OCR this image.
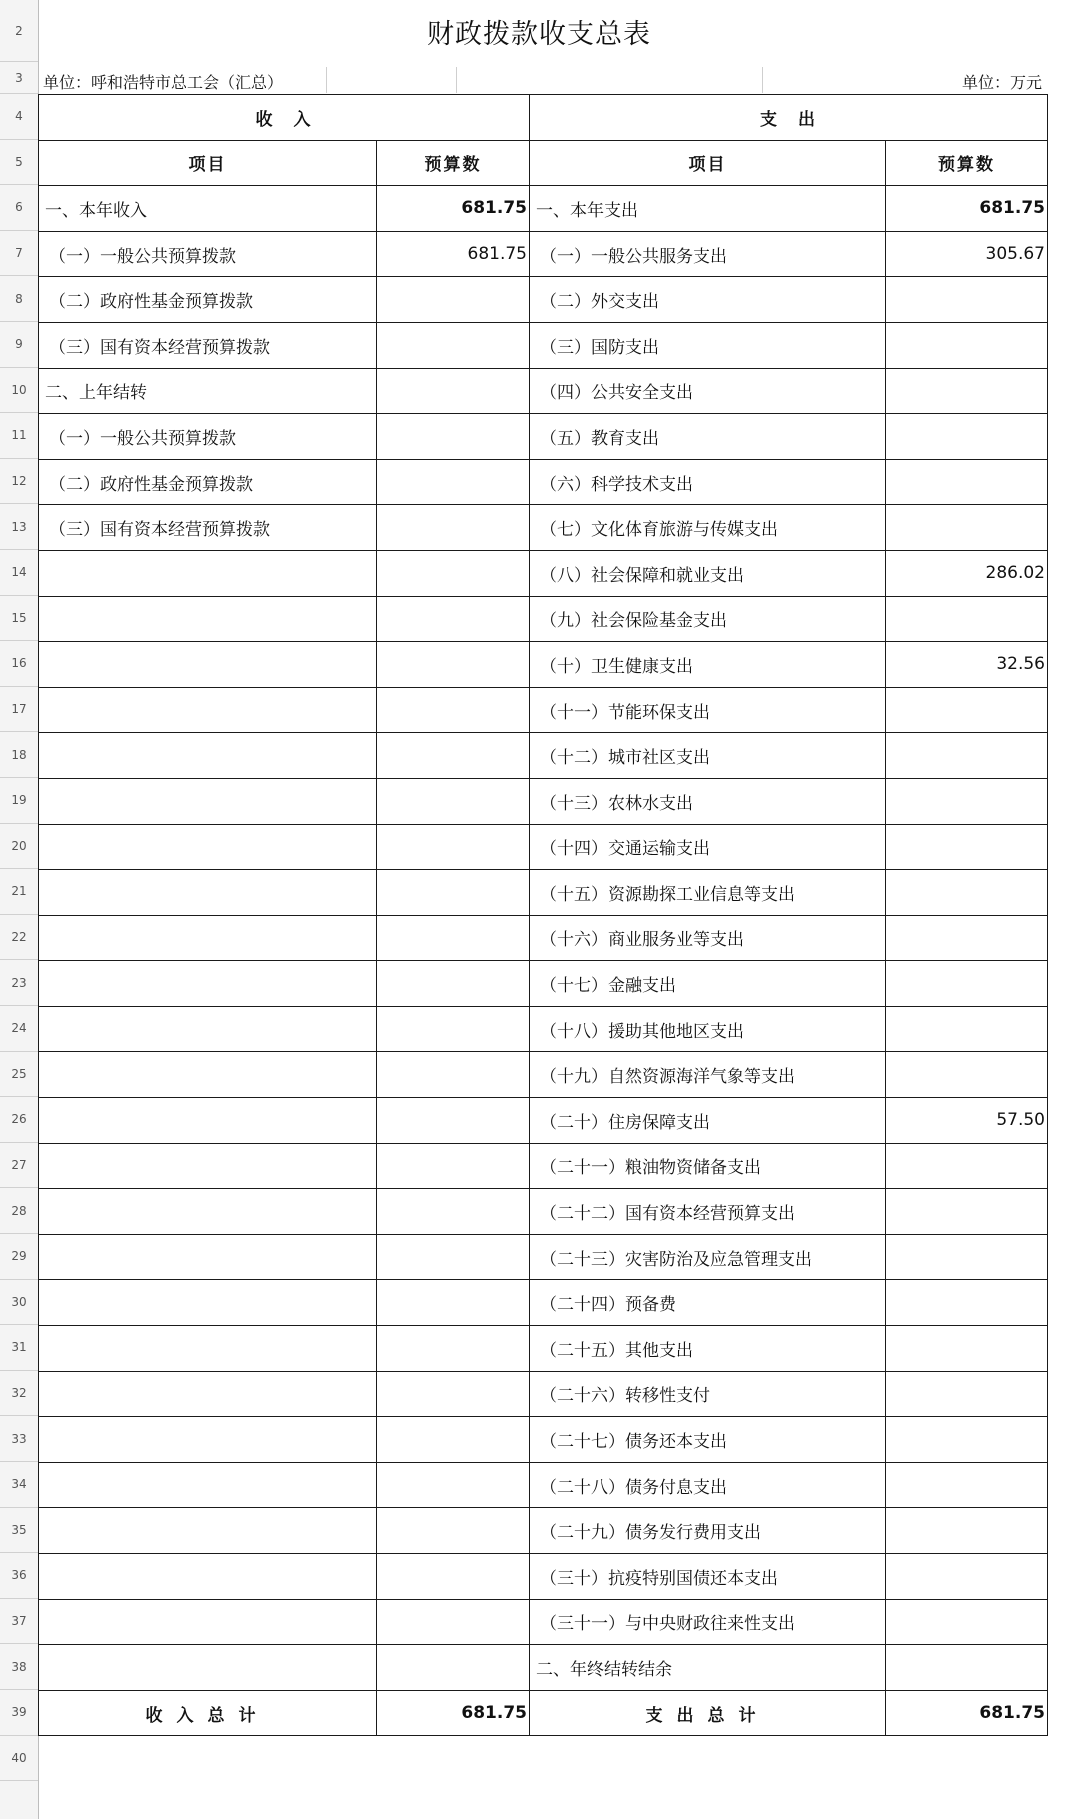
2
3
4
5
6
7
8
9
10
11
12
13
14
15
16
17
18
19
20
21
22
23
24
25
26
27
28
29
30
31
32
33
34
35
36
37
38
39
40
财政拨款收支总表
单位：呼和浩特市总工会（汇总）	单位：万元
收　入		支　出	
项目	预算数	项目	预算数
一、本年收入	681.75	一、本年支出	681.75
（一）一般公共预算拨款	681.75	（一）一般公共服务支出	305.67
（二）政府性基金预算拨款		（二）外交支出	
（三）国有资本经营预算拨款		（三）国防支出	
二、上年结转		（四）公共安全支出	
（一）一般公共预算拨款		（五）教育支出	
（二）政府性基金预算拨款		（六）科学技术支出	
（三）国有资本经营预算拨款		（七）文化体育旅游与传媒支出	
		（八）社会保障和就业支出	286.02
		（九）社会保险基金支出	
		（十）卫生健康支出	32.56
		（十一）节能环保支出	
		（十二）城市社区支出	
		（十三）农林水支出	
		（十四）交通运输支出	
		（十五）资源勘探工业信息等支出	
		（十六）商业服务业等支出	
		（十七）金融支出	
		（十八）援助其他地区支出	
		（十九）自然资源海洋气象等支出	
		（二十）住房保障支出	57.50
		（二十一）粮油物资储备支出	
		（二十二）国有资本经营预算支出	
		（二十三）灾害防治及应急管理支出	
		（二十四）预备费	
		（二十五）其他支出	
		（二十六）转移性支付	
		（二十七）债务还本支出	
		（二十八）债务付息支出	
		（二十九）债务发行费用支出	
		（三十）抗疫特别国债还本支出	
		（三十一）与中央财政往来性支出	
		二、年终结转结余	
收入总计	681.75	支出总计	681.75
